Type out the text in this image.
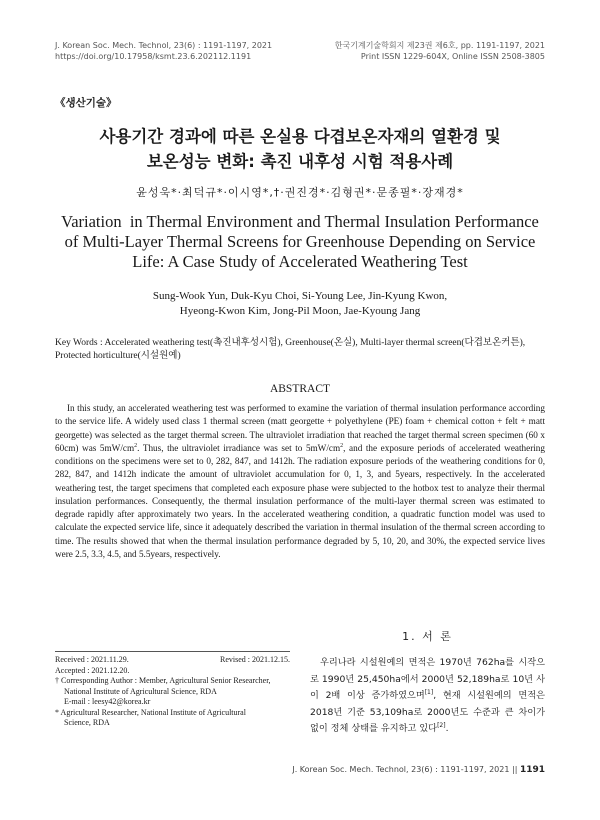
J. Korean Soc. Mech. Technol, 23(6) : 1191-1197, 2021
https://doi.org/10.17958/ksmt.23.6.202112.1191
한국기계기술학회지 제23권 제6호, pp. 1191-1197, 2021
Print ISSN 1229-604X, Online ISSN 2508-3805
《생산기술》
사용기간 경과에 따른 온실용 다겹보온자재의 열환경 및
보온성능 변화: 촉진 내후성 시험 적용사례
윤성욱*·최덕규*·이시영*,†·권진경*·김형권*·문종필*·장재경*
Variation  in Thermal Environment and Thermal Insulation Performance
of Multi-Layer Thermal Screens for Greenhouse Depending on Service
Life: A Case Study of Accelerated Weathering Test
Sung-Wook Yun, Duk-Kyu Choi, Si-Young Lee, Jin-Kyung Kwon,
Hyeong-Kwon Kim, Jong-Pil Moon, Jae-Kyoung Jang
Key Words : Accelerated weathering test(촉진내후성시험), Greenhouse(온실), Multi-layer thermal screen(다겹보온커튼), Protected horticulture(시설원예)
ABSTRACT

In this study, an accelerated weathering test was performed to examine the variation of thermal insulation performance according to the service life. A widely used class 1 thermal screen (matt georgette + polyethylene (PE) foam + chemical cotton + felt + matt georgette) was selected as the target thermal screen. The ultraviolet irradiation that reached the target thermal screen specimen (60 x 60cm) was $5mW/cm^2$. Thus, the ultraviolet irradiance was set to $5mW/cm^2$, and the exposure periods of accelerated weathering conditions on the specimens were set to 0, 282, 847, and 1412h. The radiation exposure periods of the weathering conditions for 0, 282, 847, and 1412h indicate the amount of ultraviolet accumulation for 0, 1, 3, and 5years, respectively. In the accelerated weathering test, the target specimens that completed each exposure phase were subjected to the hotbox test to analyze their thermal insulation performances. Consequently, the thermal insulation performance of the multi-layer thermal screen was estimated to degrade rapidly after approximately two years. In the accelerated weathering condition, a quadratic function model was used to calculate the expected service life, since it adequately described the variation in thermal insulation of the thermal screen according to time. The results showed that when the thermal insulation performance degraded by 5, 10, 20, and 30%, the expected service lives were 2.5, 3.3, 4.5, and 5.5years, respectively.

Received : 2021.11.29.	Revised : 2021.12.15.
Accepted : 2021.12.20.
† Corresponding Author : Member, Agricultural Senior Researcher,
National Institute of Agricultural Science, RDA
E-mail : leesy42@korea.kr
* Agricultural Researcher, National Institute of Agricultural
Science, RDA
1. 서 론

우리나라 시설원예의 면적은 1970년 762ha를 시작으로 1990년 25,450ha에서 2000년 52,189ha로 10년 사이 2배 이상 증가하였으며[1], 현재 시설원예의 면적은 2018년 기준 53,109ha로 2000년도 수준과 큰 차이가 없이 정체 상태를 유지하고 있다[2].

J. Korean Soc. Mech. Technol, 23(6) : 1191-1197, 2021 || 1191
